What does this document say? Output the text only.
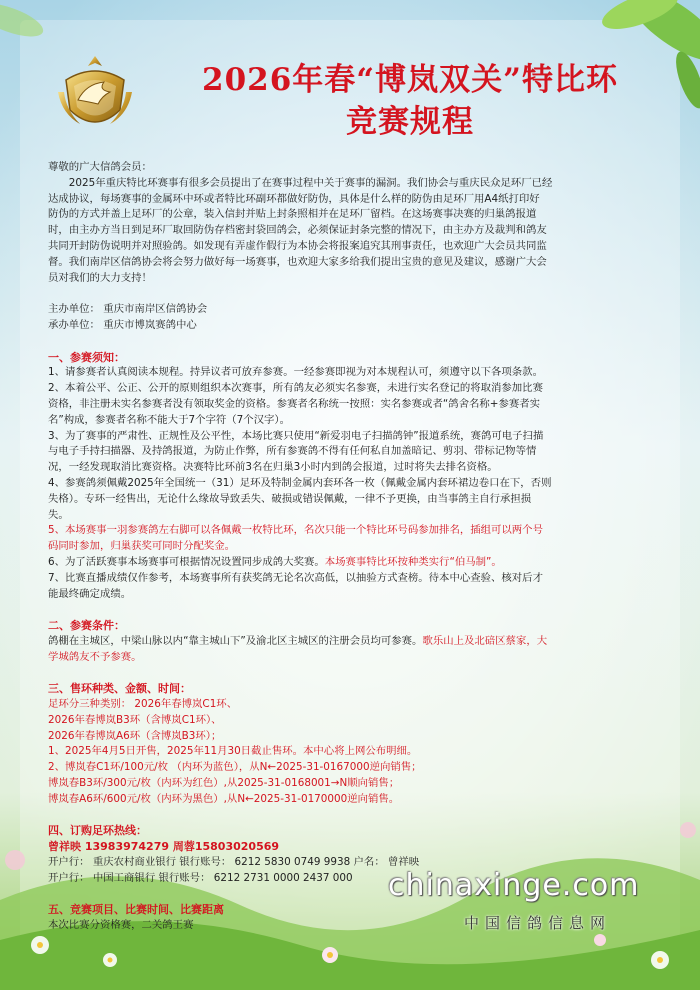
2026年春“博岚双关”特比环
竞赛规程

尊敬的广大信鸽会员：

2025年重庆特比环赛事有很多会员提出了在赛事过程中关于赛事的漏洞。我们协会与重庆民众足环厂已经

达成协议，每场赛事的金属环中环或者特比环副环都做好防伪，具体是什么样的防伪由足环厂用A4纸打印好

防伪的方式并盖上足环厂的公章，装入信封并贴上封条照相并在足环厂留档。在这场赛事决赛的归巢鸽报道

时，由主办方当日到足环厂取回防伪存档密封袋回鸽会，必须保证封条完整的情况下，由主办方及裁判和鸽友

共同开封防伪说明并对照验鸽。如发现有弄虚作假行为本协会将报案追究其刑事责任，也欢迎广大会员共同监

督。我们南岸区信鸽协会将会努力做好每一场赛事，也欢迎大家多给我们提出宝贵的意见及建议，感谢广大会

员对我们的大力支持！

主办单位： 重庆市南岸区信鸽协会

承办单位： 重庆市博岚赛鸽中心

一、参赛须知：

1、请参赛者认真阅读本规程。持异议者可放弃参赛。一经参赛即视为对本规程认可，须遵守以下各项条款。

2、本着公平、公正、公开的原则组织本次赛事，所有鸽友必须实名参赛，未进行实名登记的将取消参加比赛

资格，非注册未实名参赛者没有领取奖金的资格。参赛者名称统一按照：实名参赛或者“鸽舍名称+参赛者实

名”构成，参赛者名称不能大于7个字符（7个汉字）。

3、为了赛事的严肃性、正规性及公平性，本场比赛只使用“新爱羽电子扫描鸽钟”报道系统，赛鸽可电子扫描

与电子手持扫描器、及持鸽报道，为防止作弊，所有参赛鸽不得有任何私自加盖暗记、剪羽、带标记物等情

况，一经发现取消比赛资格。决赛特比环前3名在归巢3小时内到鸽会报道，过时将失去排名资格。

4、参赛鸽须佩戴2025年全国统一（31）足环及特制金属内套环各一枚（佩戴金属内套环裙边卷口在下，否则

失格）。专环一经售出，无论什么缘故导致丢失、破损或错误佩戴，一律不予更换，由当事鸽主自行承担损

失。

5、本场赛事一羽参赛鸽左右脚可以各佩戴一枚特比环，名次只能一个特比环号码参加排名，插组可以两个号

码同时参加，归巢获奖可同时分配奖金。

6、为了活跃赛事本场赛事可根据情况设置同步成鸽大奖赛。本场赛事特比环按种类实行“伯马制”。

7、比赛直播成绩仅作参考，本场赛事所有获奖鸽无论名次高低，以抽验方式查榜。待本中心查验、核对后才

能最终确定成绩。

二、参赛条件：

鸽棚在主城区，中梁山脉以内“靠主城山下”及渝北区主城区的注册会员均可参赛。歌乐山上及北碚区蔡家，大

学城鸽友不予参赛。

三、售环种类、金额、时间：

足环分三种类别： 2026年春博岚C1环、

2026年春博岚B3环（含博岚C1环）、

2026年春博岚A6环（含博岚B3环）；

1、2025年4月5日开售，2025年11月30日截止售环。本中心将上网公布明细。

2、博岚春C1环/100元/枚 （内环为蓝色），从N←2025-31-0167000逆向销售；

博岚春B3环/300元/枚（内环为红色）,从2025-31-0168001→N顺向销售；

博岚春A6环/600元/枚（内环为黑色）,从N←2025-31-0170000逆向销售。

四、订购足环热线：

曾祥映 13983974279 周蓉15803020569

开户行： 重庆农村商业银行 银行账号： 6212 5830 0749 9938 户名： 曾祥映

开户行： 中国工商银行 银行账号： 6212 2731 0000 2437 000

五、竞赛项目、比赛时间、比赛距离

本次比赛分资格赛，二关鸽王赛

chinaxinge.com
中国信鸽信息网
